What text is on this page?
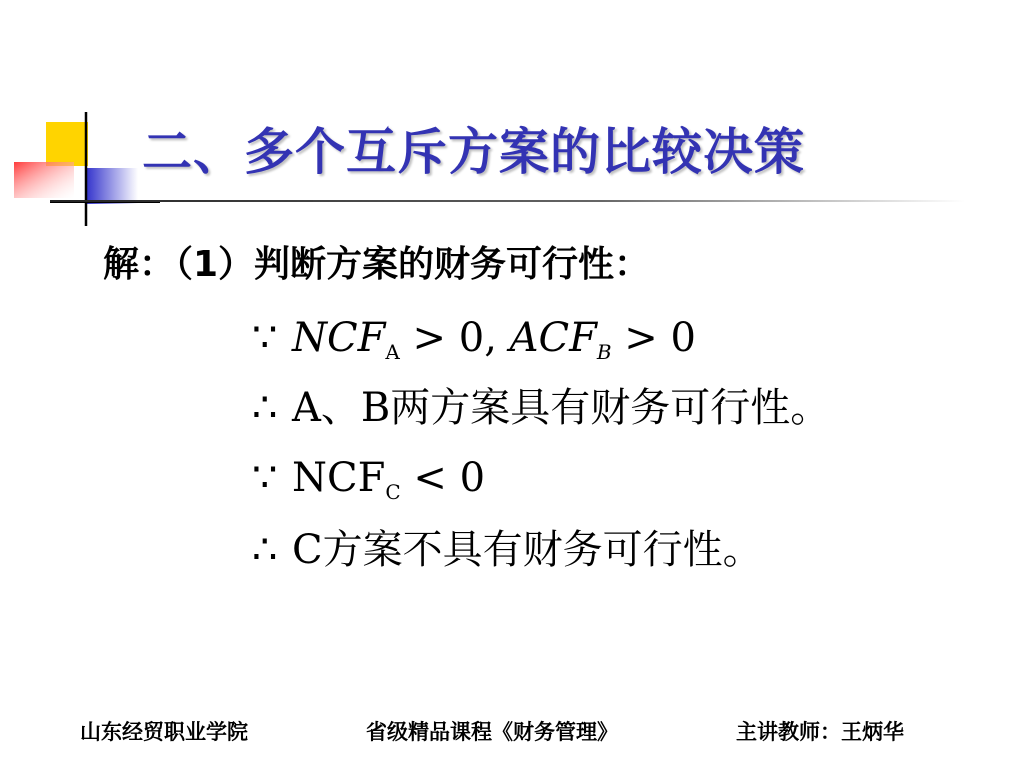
二、多个互斥方案的比较决策
解：（1）判断方案的财务可行性：
∵ $NCF_A > 0$, $ACF_B > 0$
∴ A、B两方案具有财务可行性。
∵ $NCF_C < 0$
∴ C方案不具有财务可行性。
山东经贸职业学院	省级精品课程《财务管理》	主讲教师：王炳华
